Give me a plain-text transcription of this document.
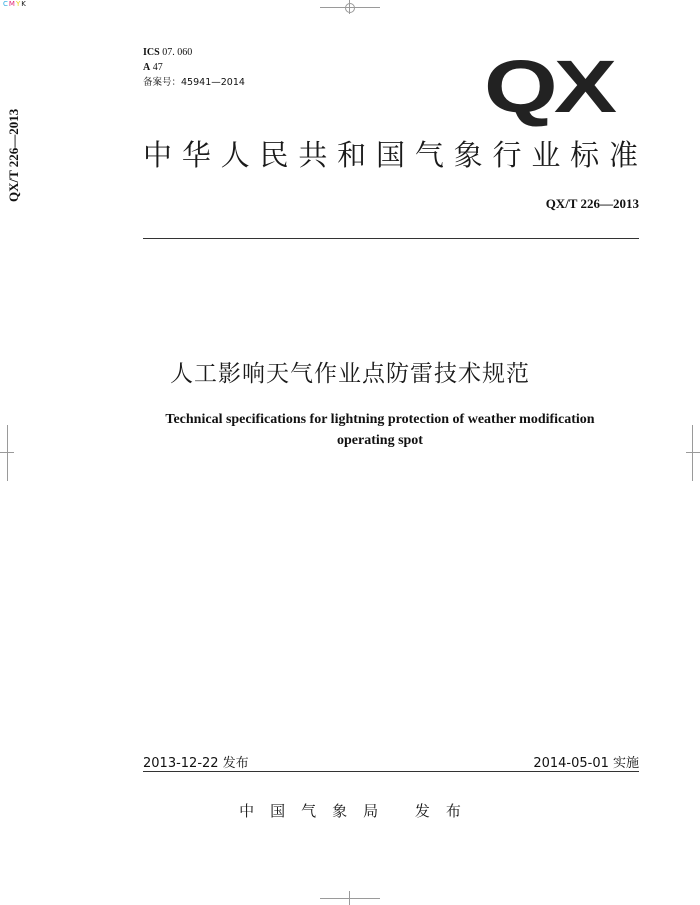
CMYK
QX/T 226—2013
ICS 07. 060
A 47
备案号：45941—2014	QX
中华人民共和国气象行业标准
QX/T 226—2013
人工影响天气作业点防雷技术规范
Technical specifications for lightning protection of weather modification
operating spot
2013-12-22 发布	2014-05-01 实施
中国气象局 发布
